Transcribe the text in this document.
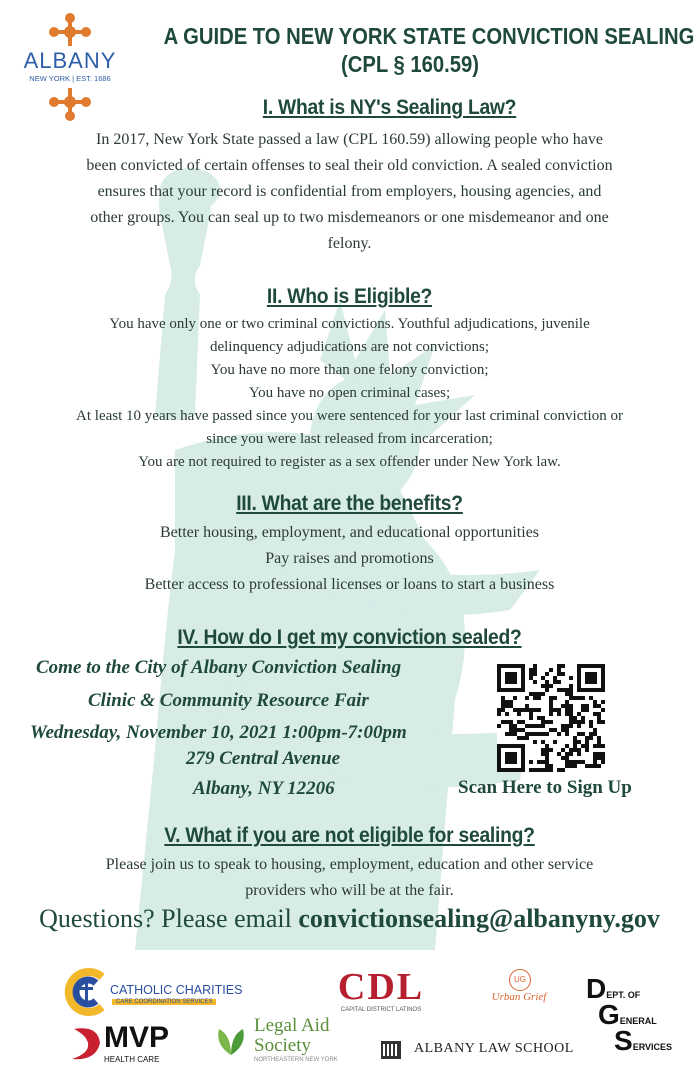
ALBANY
NEW YORK | EST. 1686
A GUIDE TO NEW YORK STATE CONVICTION SEALING
(CPL § 160.59)
I. What is NY's Sealing Law?
In 2017, New York State passed a law (CPL 160.59) allowing people who have
been convicted of certain offenses to seal their old conviction. A sealed conviction
ensures that your record is confidential from employers, housing agencies, and
other groups. You can seal up to two misdemeanors or one misdemeanor and one
felony.
II. Who is Eligible?
You have only one or two criminal convictions. Youthful adjudications, juvenile
delinquency adjudications are not convictions;
You have no more than one felony conviction;
You have no open criminal cases;
At least 10 years have passed since you were sentenced for your last criminal conviction or
since you were last released from incarceration;
You are not required to register as a sex offender under New York law.
III. What are the benefits?
Better housing, employment, and educational opportunities
Pay raises and promotions
Better access to professional licenses or loans to start a business
IV. How do I get my conviction sealed?
Come to the City of Albany Conviction Sealing
Clinic & Community Resource Fair
Wednesday, November 10, 2021 1:00pm-7:00pm
279 Central Avenue
Albany, NY 12206	Scan Here to Sign Up
V. What if you are not eligible for sealing?
Please join us to speak to housing, employment, education and other service
providers who will be at the fair.
Questions? Please email convictionsealing@albanyny.gov
CATHOLIC CHARITIES
CARE COORDINATION SERVICES	CDL
CAPITAL DISTRICT LATINOS
UG
Urban Grief DEPT. OF
GENERAL
SERVICES
MVP
HEALTH CARE
Legal Aid
Society
NORTHEASTERN NEW YORK
ALBANY LAW SCHOOL
